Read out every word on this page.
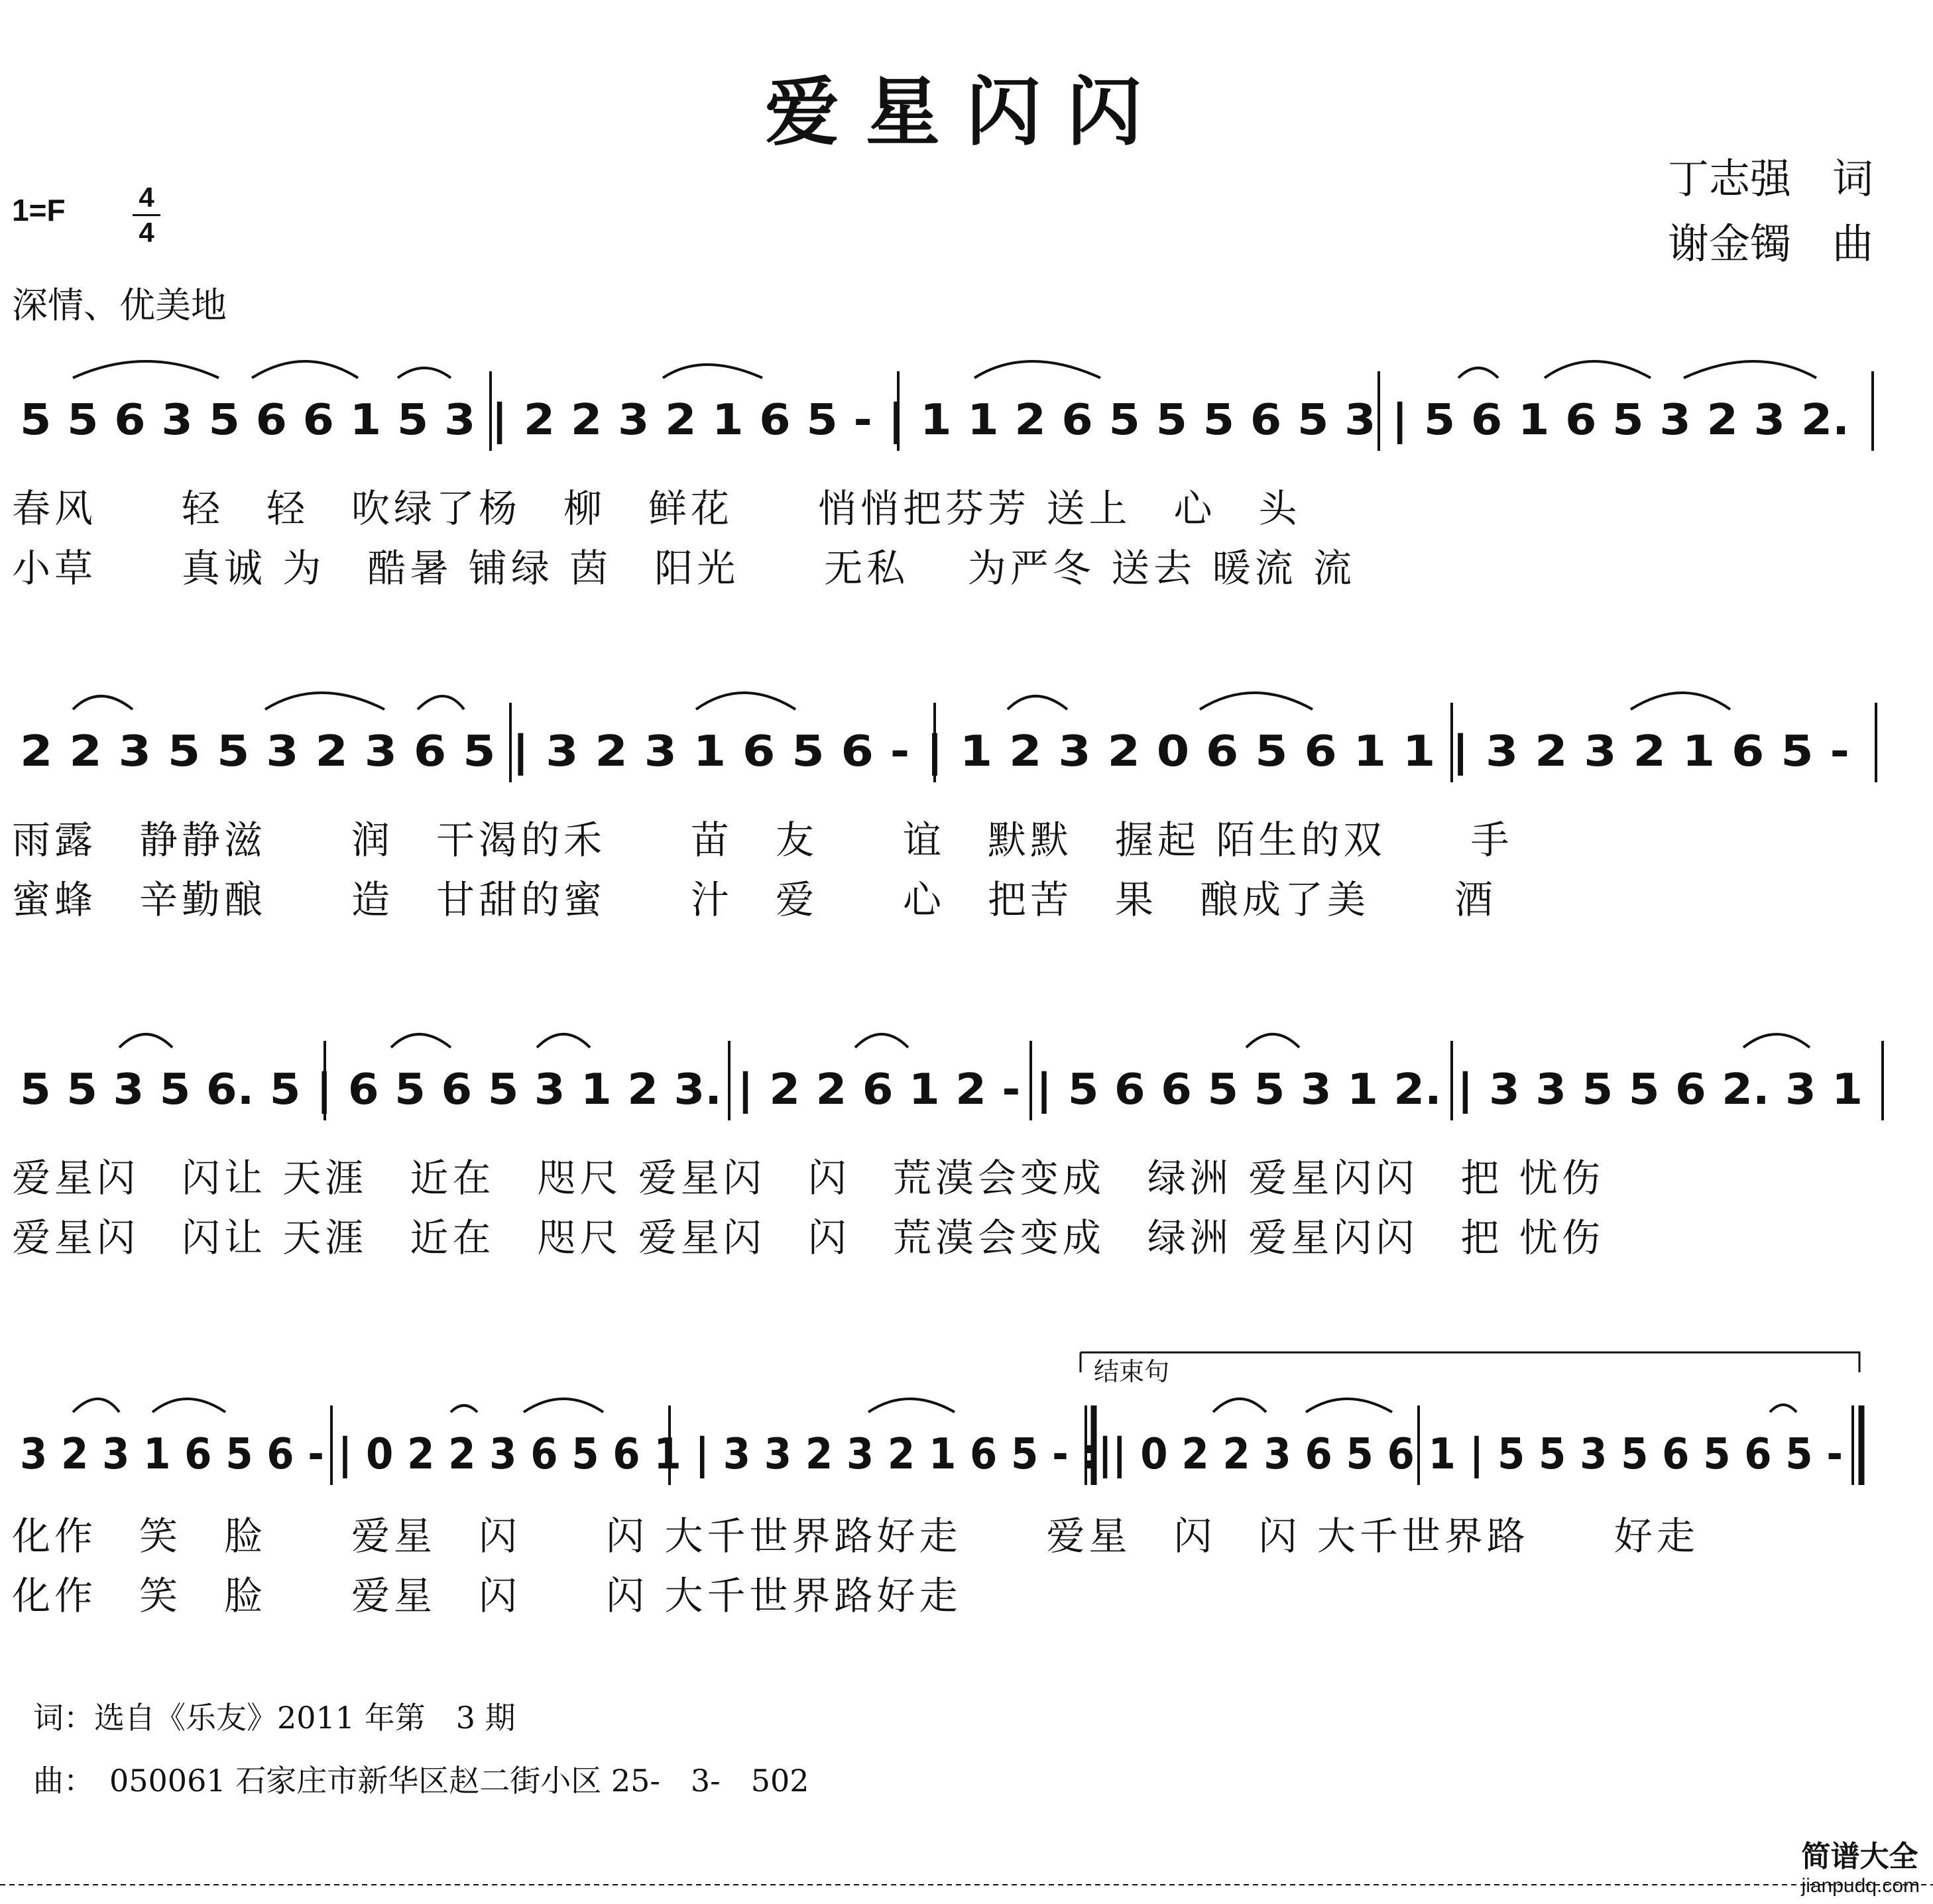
爱星闪闪
1=F	4
4
丁志强　词
谢金镯　曲
深情、优美地
5 5 6 3 5 6 6 1 5 3 | 2 2 3 2 1 6 5 - | 1 1 2 6 5 5 5 6 5 3 | 5 6 1 6 5 3 2 3 2.
春风　　轻　轻　吹绿了杨　柳　鲜花　　悄悄把芬芳 送上　心　头
小草　　真诚 为　酷暑 铺绿 茵　阳光　　无私　 为严冬 送去 暖流 流
2 2 3 5 5 3 2 3 6 5 | 3 2 3 1 6 5 6 - | 1 2 3 2 0 6 5 6 1 1 | 3 2 3 2 1 6 5 -
雨露　静静滋　　润　干渴的禾　　苗　友　　谊　默默　握起 陌生的双　　手
蜜蜂　辛勤酿　　造　甘甜的蜜　　汁　爱　　心　把苦　果　酿成了美　　酒
5 5 3 5 6. 5 | 6 5 6 5 3 1 2 3. | 2 2 6 1 2 - | 5 6 6 5 5 3 1 2. | 3 3 5 5 6 2. 3 1
爱星闪　闪让 天涯　近在　咫尺 爱星闪　闪　荒漠会变成　绿洲 爱星闪闪　把 忧伤
爱星闪　闪让 天涯　近在　咫尺 爱星闪　闪　荒漠会变成　绿洲 爱星闪闪　把 忧伤
3 2 3 1 6 5 6 - | 0 2 2 3 6 5 6 1 | 3 3 2 3 2 1 6 5 - :|| 0 2 2 3 6 5 6 1 | 5 5 3 5 6 5 6 5 -
结束句
化作　笑　脸　　爱星　闪　　闪 大千世界路好走　　爱星　闪　闪 大千世界路　　好走
化作　笑　脸　　爱星　闪　　闪 大千世界路好走
词：选自《乐友》2011 年第　3 期
曲：　050061 石家庄市新华区赵二街小区 25-　3-　502
简谱大全
jianpudq.com
